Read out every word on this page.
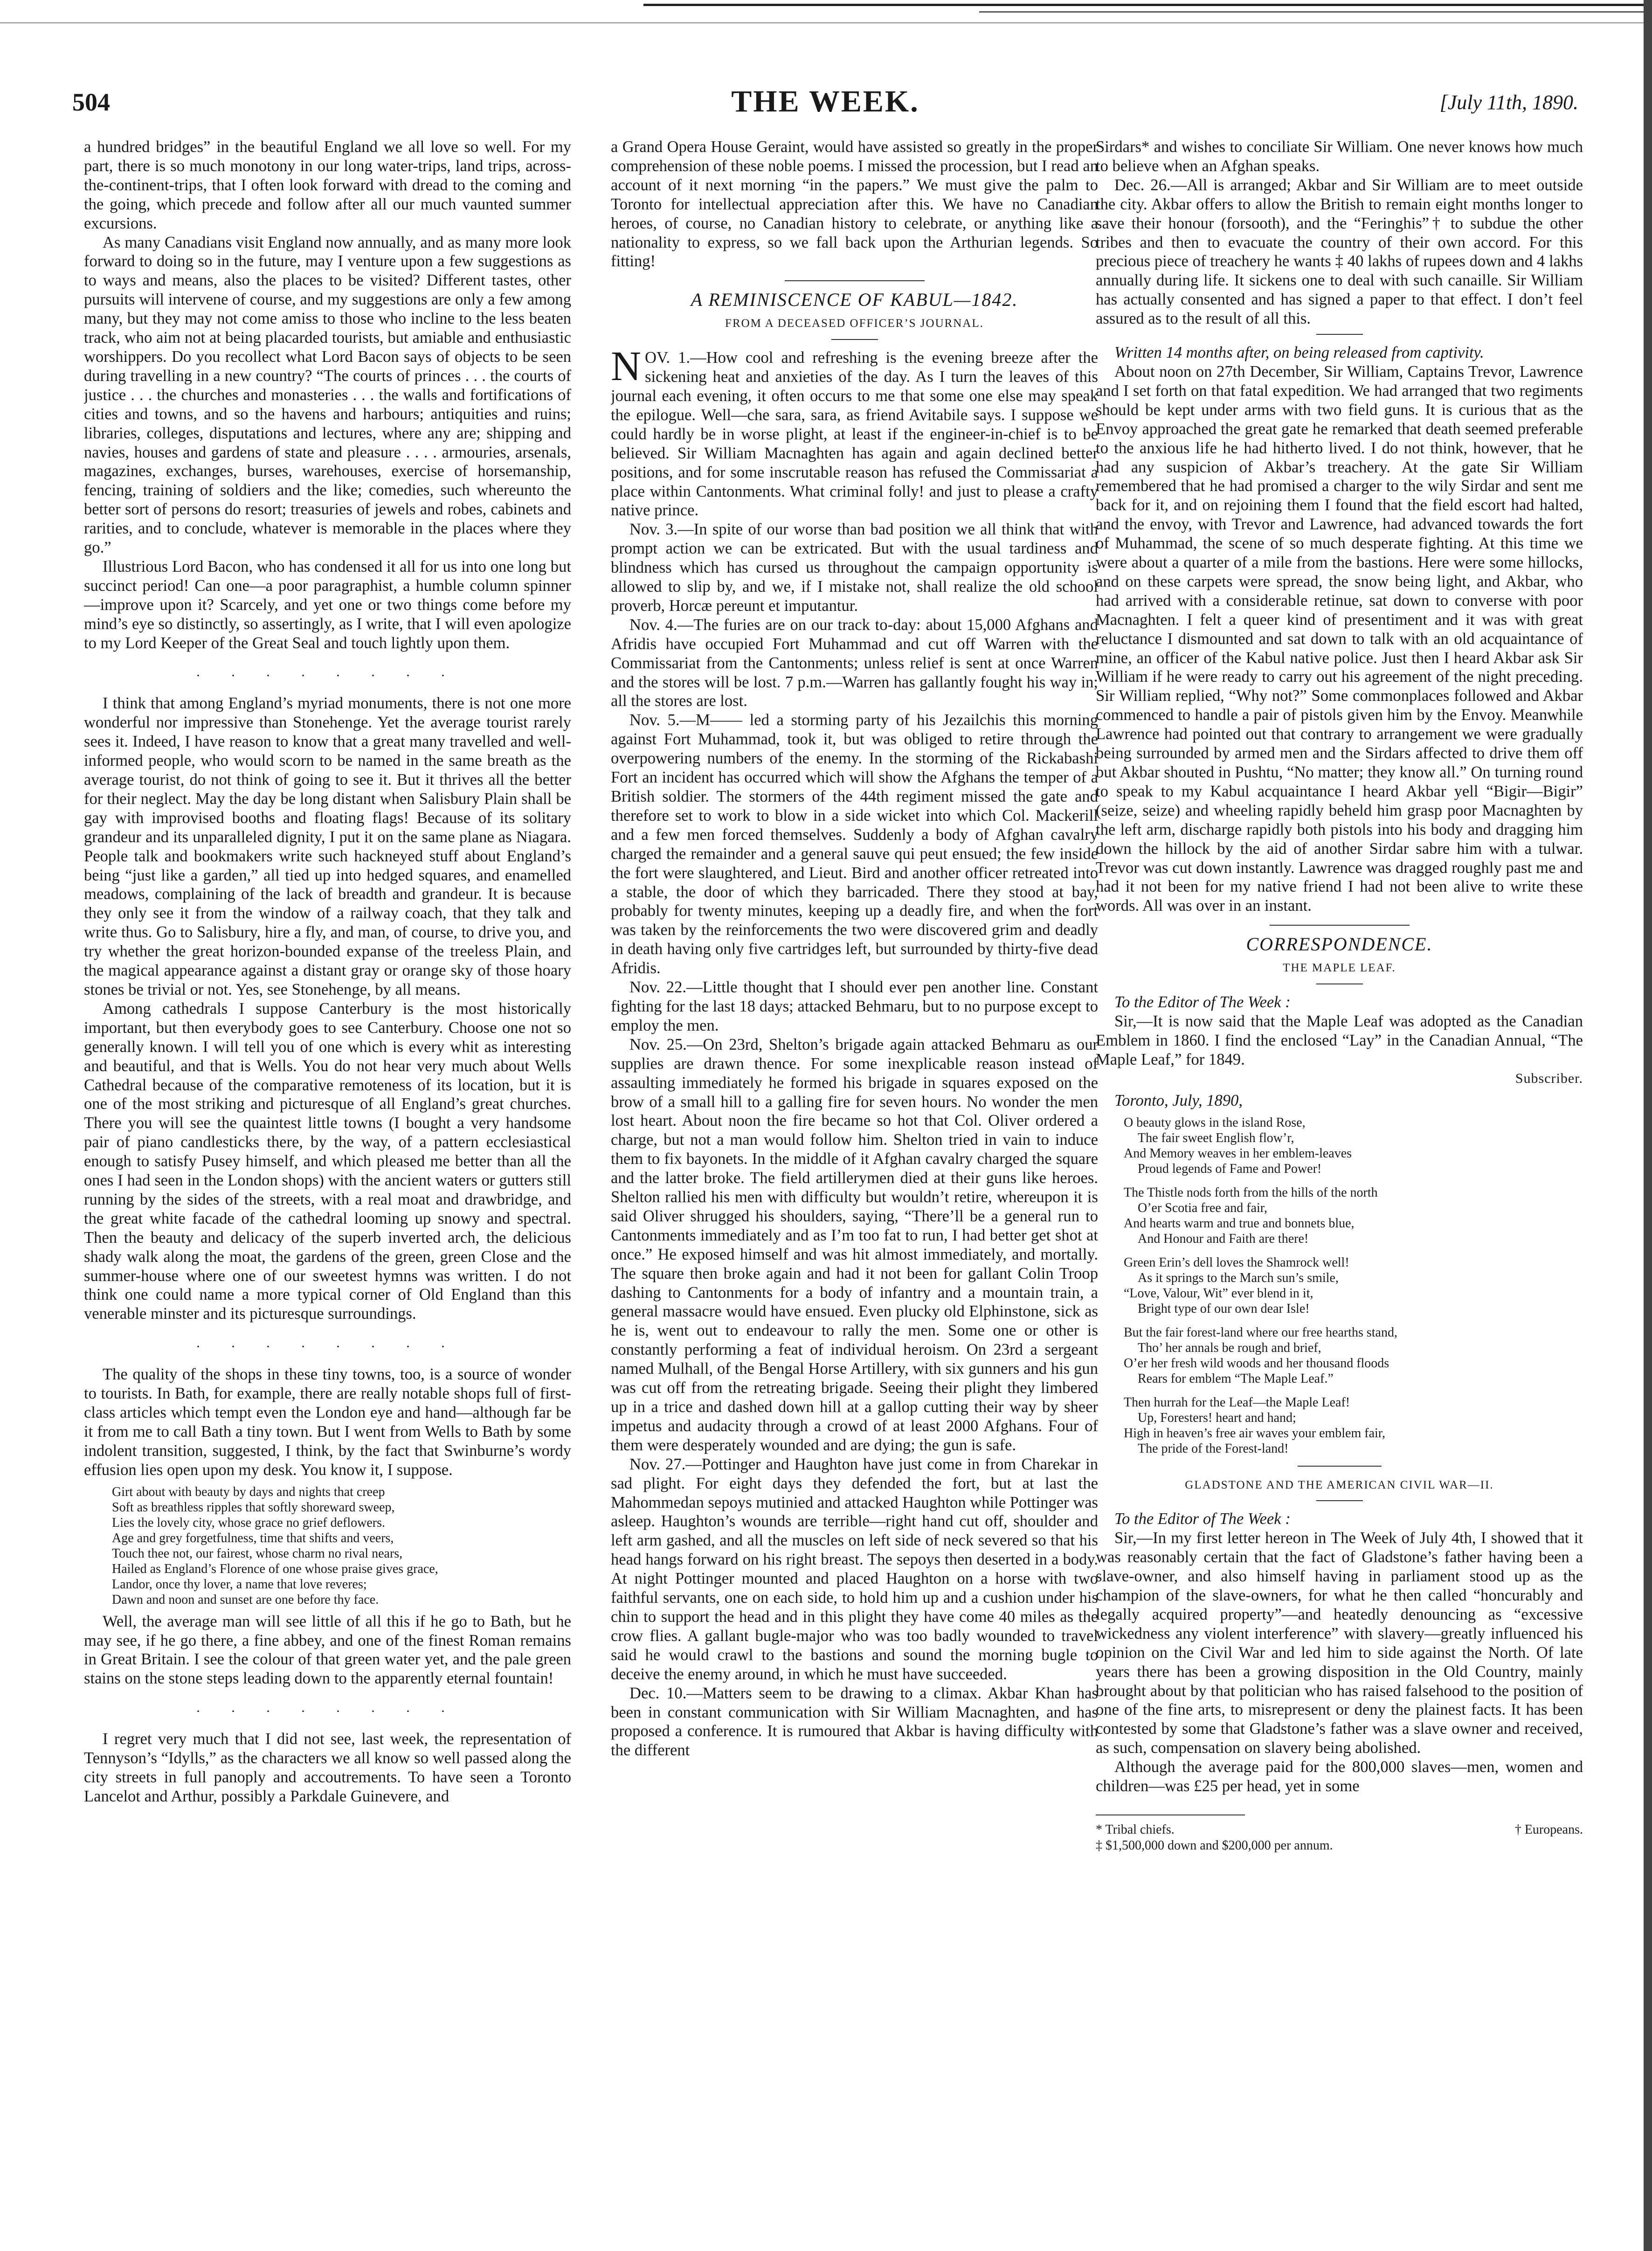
504	THE WEEK.	[July 11th, 1890.

a hundred bridges” in the beautiful England we all love so well. For my part, there is so much monotony in our long water-trips, land trips, across-the-continent-trips, that I often look forward with dread to the coming and the going, which precede and follow after all our much vaunted summer excursions.

As many Canadians visit England now annually, and as many more look forward to doing so in the future, may I venture upon a few suggestions as to ways and means, also the places to be visited? Different tastes, other pursuits will intervene of course, and my suggestions are only a few among many, but they may not come amiss to those who incline to the less beaten track, who aim not at being placarded tourists, but amiable and enthusiastic worshippers. Do you recollect what Lord Bacon says of objects to be seen during travelling in a new country? “The courts of princes . . . the courts of justice . . . the churches and monasteries . . . the walls and fortifications of cities and towns, and so the havens and harbours; antiquities and ruins; libraries, colleges, disputations and lectures, where any are; shipping and navies, houses and gardens of state and pleasure . . . . armouries, arsenals, magazines, exchanges, burses, warehouses, exercise of horsemanship, fencing, training of soldiers and the like; comedies, such whereunto the better sort of persons do resort; treasuries of jewels and robes, cabinets and rarities, and to conclude, whatever is memorable in the places where they go.”

Illustrious Lord Bacon, who has condensed it all for us into one long but succinct period! Can one—a poor paragraphist, a humble column spinner—improve upon it? Scarcely, and yet one or two things come before my mind’s eye so distinctly, so assertingly, as I write, that I will even apologize to my Lord Keeper of the Great Seal and touch lightly upon them.

. . . . . . . .

I think that among England’s myriad monuments, there is not one more wonderful nor impressive than Stonehenge. Yet the average tourist rarely sees it. Indeed, I have reason to know that a great many travelled and well-informed people, who would scorn to be named in the same breath as the average tourist, do not think of going to see it. But it thrives all the better for their neglect. May the day be long distant when Salisbury Plain shall be gay with improvised booths and floating flags! Because of its solitary grandeur and its unparalleled dignity, I put it on the same plane as Niagara. People talk and bookmakers write such hackneyed stuff about England’s being “just like a garden,” all tied up into hedged squares, and enamelled meadows, complaining of the lack of breadth and grandeur. It is because they only see it from the window of a railway coach, that they talk and write thus. Go to Salisbury, hire a fly, and man, of course, to drive you, and try whether the great horizon-bounded expanse of the treeless Plain, and the magical appearance against a distant gray or orange sky of those hoary stones be trivial or not. Yes, see Stonehenge, by all means.

Among cathedrals I suppose Canterbury is the most historically important, but then everybody goes to see Canterbury. Choose one not so generally known. I will tell you of one which is every whit as interesting and beautiful, and that is Wells. You do not hear very much about Wells Cathedral because of the comparative remoteness of its location, but it is one of the most striking and picturesque of all England’s great churches. There you will see the quaintest little towns (I bought a very handsome pair of piano candlesticks there, by the way, of a pattern ecclesiastical enough to satisfy Pusey himself, and which pleased me better than all the ones I had seen in the London shops) with the ancient waters or gutters still running by the sides of the streets, with a real moat and drawbridge, and the great white facade of the cathedral looming up snowy and spectral. Then the beauty and delicacy of the superb inverted arch, the delicious shady walk along the moat, the gardens of the green, green Close and the summer-house where one of our sweetest hymns was written. I do not think one could name a more typical corner of Old England than this venerable minster and its picturesque surroundings.

. . . . . . . .

The quality of the shops in these tiny towns, too, is a source of wonder to tourists. In Bath, for example, there are really notable shops full of first-class articles which tempt even the London eye and hand—although far be it from me to call Bath a tiny town. But I went from Wells to Bath by some indolent transition, suggested, I think, by the fact that Swinburne’s wordy effusion lies open upon my desk. You know it, I suppose.

Girt about with beauty by days and nights that creep
Soft as breathless ripples that softly shoreward sweep,
Lies the lovely city, whose grace no grief deflowers.
Age and grey forgetfulness, time that shifts and veers,
Touch thee not, our fairest, whose charm no rival nears,
Hailed as England’s Florence of one whose praise gives grace,
Landor, once thy lover, a name that love reveres;
Dawn and noon and sunset are one before thy face.

Well, the average man will see little of all this if he go to Bath, but he may see, if he go there, a fine abbey, and one of the finest Roman remains in Great Britain. I see the colour of that green water yet, and the pale green stains on the stone steps leading down to the apparently eternal fountain!

. . . . . . . .

I regret very much that I did not see, last week, the representation of Tennyson’s “Idylls,” as the characters we all know so well passed along the city streets in full panoply and accoutrements. To have seen a Toronto Lancelot and Arthur, possibly a Parkdale Guinevere, and

a Grand Opera House Geraint, would have assisted so greatly in the proper comprehension of these noble poems. I missed the procession, but I read an account of it next morning “in the papers.” We must give the palm to Toronto for intellectual appreciation after this. We have no Canadian heroes, of course, no Canadian history to celebrate, or anything like a nationality to express, so we fall back upon the Arthurian legends. So fitting!

A REMINISCENCE OF KABUL—1842.
FROM A DECEASED OFFICER’S JOURNAL.

NOV. 1.—How cool and refreshing is the evening breeze after the sickening heat and anxieties of the day. As I turn the leaves of this journal each evening, it often occurs to me that some one else may speak the epilogue. Well—che sara, sara, as friend Avitabile says. I suppose we could hardly be in worse plight, at least if the engineer-in-chief is to be believed. Sir William Macnaghten has again and again declined better positions, and for some inscrutable reason has refused the Commissariat a place within Cantonments. What criminal folly! and just to please a crafty native prince.

Nov. 3.—In spite of our worse than bad position we all think that with prompt action we can be extricated. But with the usual tardiness and blindness which has cursed us throughout the campaign opportunity is allowed to slip by, and we, if I mistake not, shall realize the old school proverb, Horcæ pereunt et imputantur.

Nov. 4.—The furies are on our track to-day: about 15,000 Afghans and Afridis have occupied Fort Muhammad and cut off Warren with the Commissariat from the Cantonments; unless relief is sent at once Warren and the stores will be lost. 7 p.m.—Warren has gallantly fought his way in; all the stores are lost.

Nov. 5.—M—— led a storming party of his Jezailchis this morning against Fort Muhammad, took it, but was obliged to retire through the overpowering numbers of the enemy. In the storming of the Rickabashi Fort an incident has occurred which will show the Afghans the temper of a British soldier. The stormers of the 44th regiment missed the gate and therefore set to work to blow in a side wicket into which Col. Mackerill and a few men forced themselves. Suddenly a body of Afghan cavalry charged the remainder and a general sauve qui peut ensued; the few inside the fort were slaughtered, and Lieut. Bird and another officer retreated into a stable, the door of which they barricaded. There they stood at bay, probably for twenty minutes, keeping up a deadly fire, and when the fort was taken by the reinforcements the two were discovered grim and deadly in death having only five cartridges left, but surrounded by thirty-five dead Afridis.

Nov. 22.—Little thought that I should ever pen another line. Constant fighting for the last 18 days; attacked Behmaru, but to no purpose except to employ the men.

Nov. 25.—On 23rd, Shelton’s brigade again attacked Behmaru as our supplies are drawn thence. For some inexplicable reason instead of assaulting immediately he formed his brigade in squares exposed on the brow of a small hill to a galling fire for seven hours. No wonder the men lost heart. About noon the fire became so hot that Col. Oliver ordered a charge, but not a man would follow him. Shelton tried in vain to induce them to fix bayonets. In the middle of it Afghan cavalry charged the square and the latter broke. The field artillerymen died at their guns like heroes. Shelton rallied his men with difficulty but wouldn’t retire, whereupon it is said Oliver shrugged his shoulders, saying, “There’ll be a general run to Cantonments immediately and as I’m too fat to run, I had better get shot at once.” He exposed himself and was hit almost immediately, and mortally. The square then broke again and had it not been for gallant Colin Troop dashing to Cantonments for a body of infantry and a mountain train, a general massacre would have ensued. Even plucky old Elphinstone, sick as he is, went out to endeavour to rally the men. Some one or other is constantly performing a feat of individual heroism. On 23rd a sergeant named Mulhall, of the Bengal Horse Artillery, with six gunners and his gun was cut off from the retreating brigade. Seeing their plight they limbered up in a trice and dashed down hill at a gallop cutting their way by sheer impetus and audacity through a crowd of at least 2000 Afghans. Four of them were desperately wounded and are dying; the gun is safe.

Nov. 27.—Pottinger and Haughton have just come in from Charekar in sad plight. For eight days they defended the fort, but at last the Mahommedan sepoys mutinied and attacked Haughton while Pottinger was asleep. Haughton’s wounds are terrible—right hand cut off, shoulder and left arm gashed, and all the muscles on left side of neck severed so that his head hangs forward on his right breast. The sepoys then deserted in a body. At night Pottinger mounted and placed Haughton on a horse with two faithful servants, one on each side, to hold him up and a cushion under his chin to support the head and in this plight they have come 40 miles as the crow flies. A gallant bugle-major who was too badly wounded to travel said he would crawl to the bastions and sound the morning bugle to deceive the enemy around, in which he must have succeeded.

Dec. 10.—Matters seem to be drawing to a climax. Akbar Khan has been in constant communication with Sir William Macnaghten, and has proposed a conference. It is rumoured that Akbar is having difficulty with the different

Sirdars* and wishes to conciliate Sir William. One never knows how much to believe when an Afghan speaks.

Dec. 26.—All is arranged; Akbar and Sir William are to meet outside the city. Akbar offers to allow the British to remain eight months longer to save their honour (forsooth), and the “Feringhis”† to subdue the other tribes and then to evacuate the country of their own accord. For this precious piece of treachery he wants ‡ 40 lakhs of rupees down and 4 lakhs annually during life. It sickens one to deal with such canaille. Sir William has actually consented and has signed a paper to that effect. I don’t feel assured as to the result of all this.

Written 14 months after, on being released from captivity.

About noon on 27th December, Sir William, Captains Trevor, Lawrence and I set forth on that fatal expedition. We had arranged that two regiments should be kept under arms with two field guns. It is curious that as the Envoy approached the great gate he remarked that death seemed preferable to the anxious life he had hitherto lived. I do not think, however, that he had any suspicion of Akbar’s treachery. At the gate Sir William remembered that he had promised a charger to the wily Sirdar and sent me back for it, and on rejoining them I found that the field escort had halted, and the envoy, with Trevor and Lawrence, had advanced towards the fort of Muhammad, the scene of so much desperate fighting. At this time we were about a quarter of a mile from the bastions. Here were some hillocks, and on these carpets were spread, the snow being light, and Akbar, who had arrived with a considerable retinue, sat down to converse with poor Macnaghten. I felt a queer kind of presentiment and it was with great reluctance I dismounted and sat down to talk with an old acquaintance of mine, an officer of the Kabul native police. Just then I heard Akbar ask Sir William if he were ready to carry out his agreement of the night preceding. Sir William replied, “Why not?” Some commonplaces followed and Akbar commenced to handle a pair of pistols given him by the Envoy. Meanwhile Lawrence had pointed out that contrary to arrangement we were gradually being surrounded by armed men and the Sirdars affected to drive them off but Akbar shouted in Pushtu, “No matter; they know all.” On turning round to speak to my Kabul acquaintance I heard Akbar yell “Bigir—Bigir” (seize, seize) and wheeling rapidly beheld him grasp poor Macnaghten by the left arm, discharge rapidly both pistols into his body and dragging him down the hillock by the aid of another Sirdar sabre him with a tulwar. Trevor was cut down instantly. Lawrence was dragged roughly past me and had it not been for my native friend I had not been alive to write these words. All was over in an instant.

CORRESPONDENCE.
THE MAPLE LEAF.

To the Editor of The Week :

Sir,—It is now said that the Maple Leaf was adopted as the Canadian Emblem in 1860. I find the enclosed “Lay” in the Canadian Annual, “The Maple Leaf,” for 1849.

Subscriber.
Toronto, July, 1890,
O beauty glows in the island Rose,
The fair sweet English flow’r,
And Memory weaves in her emblem-leaves
Proud legends of Fame and Power!
The Thistle nods forth from the hills of the north
O’er Scotia free and fair,
And hearts warm and true and bonnets blue,
And Honour and Faith are there!
Green Erin’s dell loves the Shamrock well!
As it springs to the March sun’s smile,
“Love, Valour, Wit” ever blend in it,
Bright type of our own dear Isle!
But the fair forest-land where our free hearths stand,
Tho’ her annals be rough and brief,
O’er her fresh wild woods and her thousand floods
Rears for emblem “The Maple Leaf.”
Then hurrah for the Leaf—the Maple Leaf!
Up, Foresters! heart and hand;
High in heaven’s free air waves your emblem fair,
The pride of the Forest-land!
GLADSTONE AND THE AMERICAN CIVIL WAR—II.

To the Editor of The Week :

Sir,—In my first letter hereon in The Week of July 4th, I showed that it was reasonably certain that the fact of Gladstone’s father having been a slave-owner, and also himself having in parliament stood up as the champion of the slave-owners, for what he then called “honcurably and legally acquired property”—and heatedly denouncing as “excessive wickedness any violent interference” with slavery—greatly influenced his opinion on the Civil War and led him to side against the North. Of late years there has been a growing disposition in the Old Country, mainly brought about by that politician who has raised falsehood to the position of one of the fine arts, to misrepresent or deny the plainest facts. It has been contested by some that Gladstone’s father was a slave owner and received, as such, compensation on slavery being abolished.

Although the average paid for the 800,000 slaves—men, women and children—was £25 per head, yet in some

* Tribal chiefs.	† Europeans.
‡ $1,500,000 down and $200,000 per annum.
